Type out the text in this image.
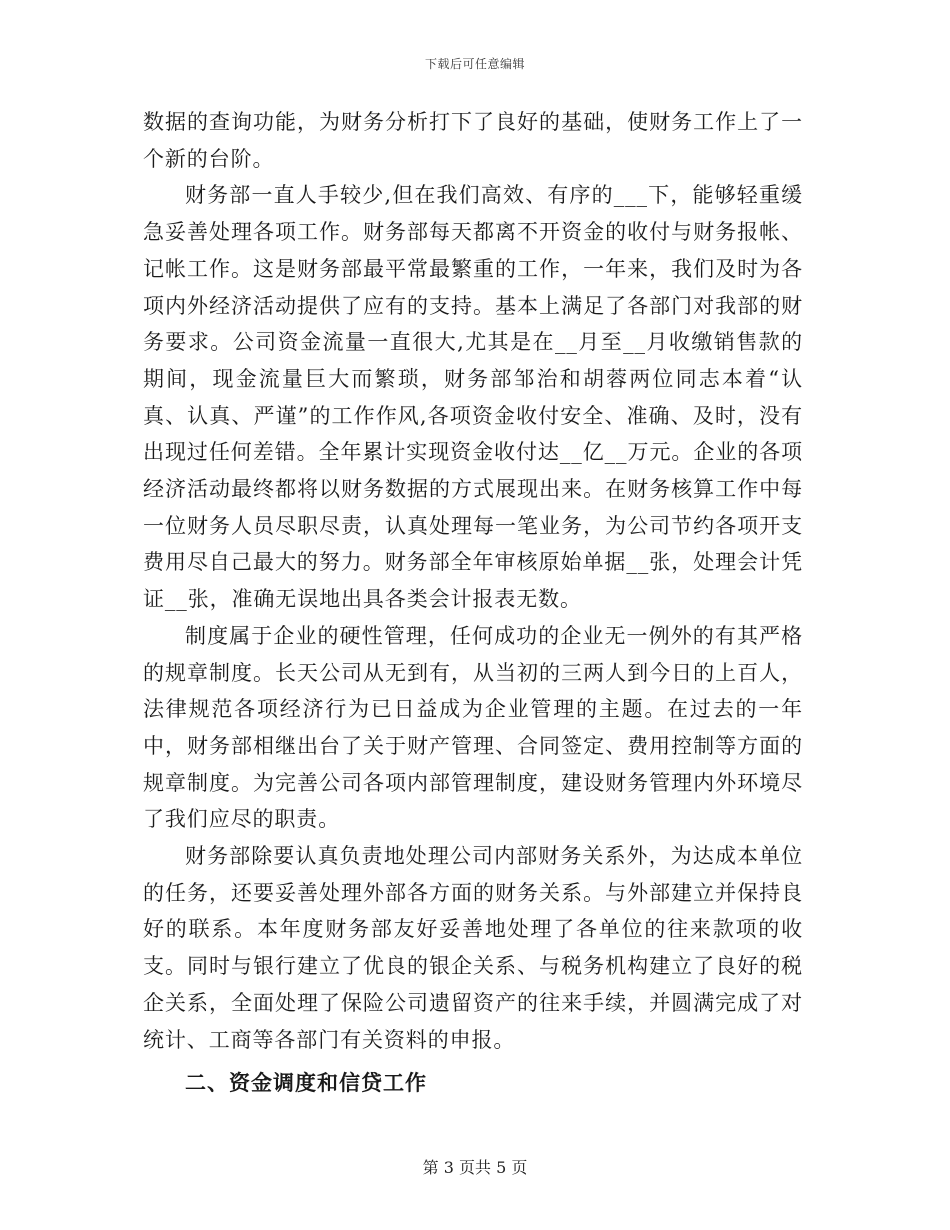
下载后可任意编辑

数据的查询功能，为财务分析打下了良好的基础，使财务工作上了一个新的台阶。

财务部一直人手较少,但在我们高效、有序的___下，能够轻重缓急妥善处理各项工作。财务部每天都离不开资金的收付与财务报帐、记帐工作。这是财务部最平常最繁重的工作，一年来，我们及时为各项内外经济活动提供了应有的支持。基本上满足了各部门对我部的财务要求。公司资金流量一直很大,尤其是在__月至__月收缴销售款的期间，现金流量巨大而繁琐，财务部邹治和胡蓉两位同志本着“认真、认真、严谨”的工作作风,各项资金收付安全、准确、及时，没有出现过任何差错。全年累计实现资金收付达__亿__万元。企业的各项经济活动最终都将以财务数据的方式展现出来。在财务核算工作中每一位财务人员尽职尽责，认真处理每一笔业务，为公司节约各项开支费用尽自己最大的努力。财务部全年审核原始单据__张，处理会计凭证__张，准确无误地出具各类会计报表无数。

制度属于企业的硬性管理，任何成功的企业无一例外的有其严格的规章制度。长天公司从无到有，从当初的三两人到今日的上百人，法律规范各项经济行为已日益成为企业管理的主题。在过去的一年中，财务部相继出台了关于财产管理、合同签定、费用控制等方面的规章制度。为完善公司各项内部管理制度，建设财务管理内外环境尽了我们应尽的职责。

财务部除要认真负责地处理公司内部财务关系外，为达成本单位的任务，还要妥善处理外部各方面的财务关系。与外部建立并保持良好的联系。本年度财务部友好妥善地处理了各单位的往来款项的收支。同时与银行建立了优良的银企关系、与税务机构建立了良好的税企关系，全面处理了保险公司遗留资产的往来手续，并圆满完成了对统计、工商等各部门有关资料的申报。

二、资金调度和信贷工作

第 3 页共 5 页
